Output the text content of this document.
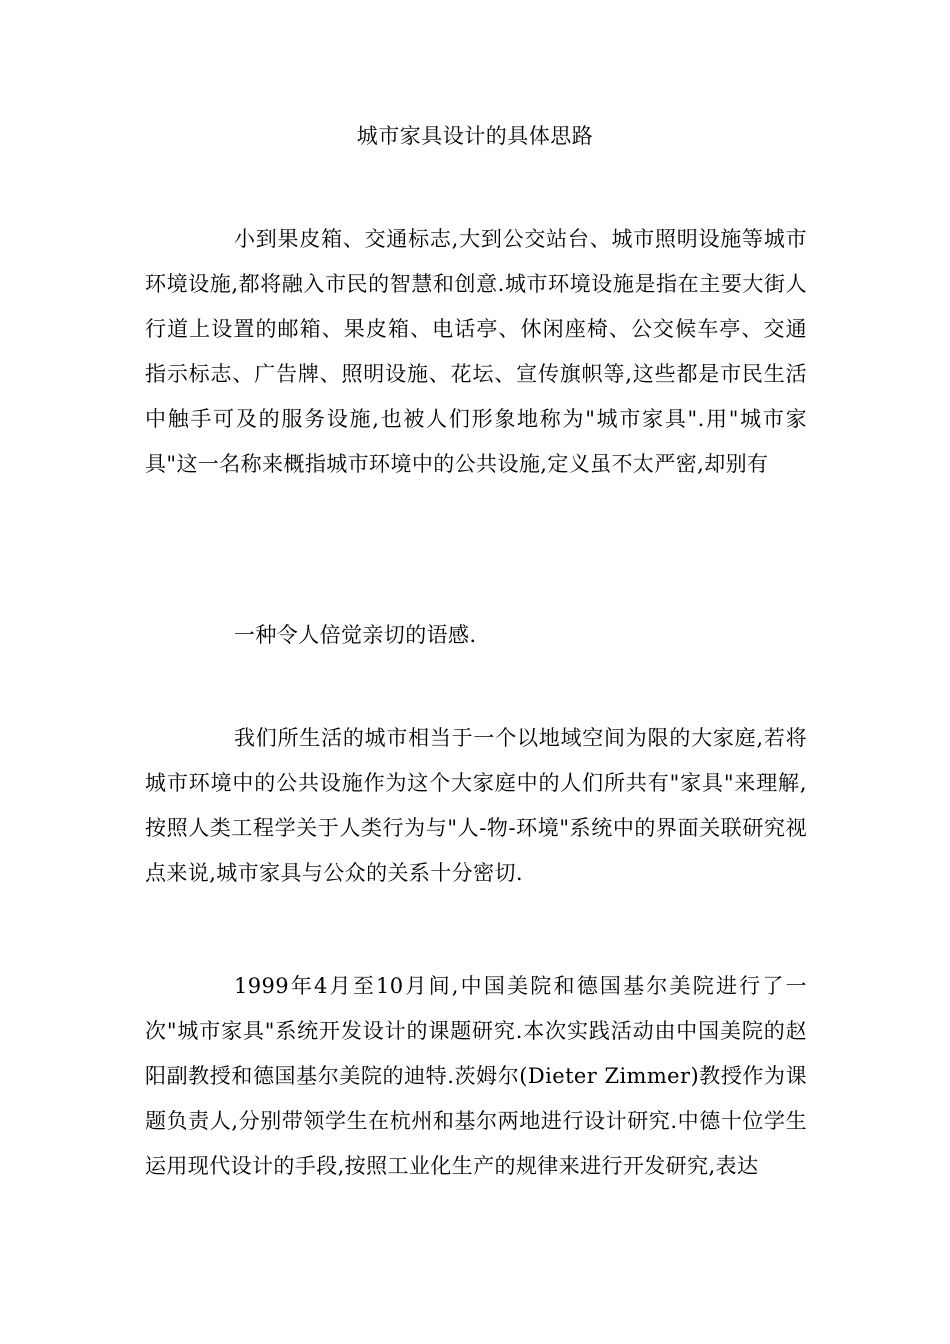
城市家具设计的具体思路

小到果皮箱、交通标志,大到公交站台、城市照明设施等城市环境设施,都将融入市民的智慧和创意.城市环境设施是指在主要大街人行道上设置的邮箱、果皮箱、电话亭、休闲座椅、公交候车亭、交通指示标志、广告牌、照明设施、花坛、宣传旗帜等,这些都是市民生活中触手可及的服务设施,也被人们形象地称为"城市家具".用"城市家具"这一名称来概指城市环境中的公共设施,定义虽不太严密,却别有

一种令人倍觉亲切的语感.

我们所生活的城市相当于一个以地域空间为限的大家庭,若将城市环境中的公共设施作为这个大家庭中的人们所共有"家具"来理解,按照人类工程学关于人类行为与"人-物-环境"系统中的界面关联研究视点来说,城市家具与公众的关系十分密切.

1999年4月至10月间,中国美院和德国基尔美院进行了一次"城市家具"系统开发设计的课题研究.本次实践活动由中国美院的赵阳副教授和德国基尔美院的迪特.茨姆尔(Dieter Zimmer)教授作为课题负责人,分别带领学生在杭州和基尔两地进行设计研究.中德十位学生运用现代设计的手段,按照工业化生产的规律来进行开发研究,表达
